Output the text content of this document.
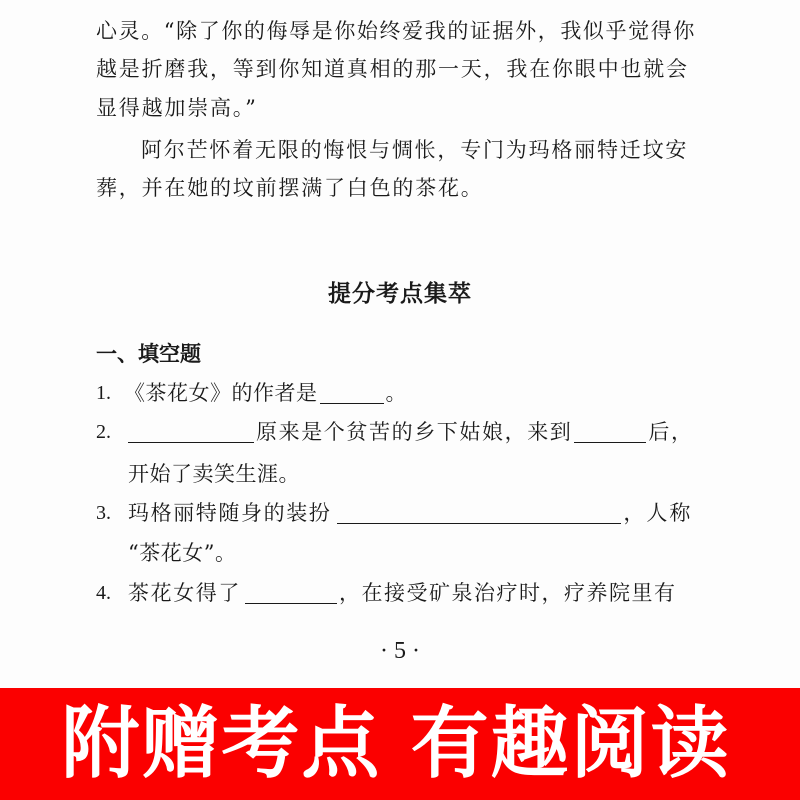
心灵。“除了你的侮辱是你始终爱我的证据外，我似乎觉得你
越是折磨我，等到你知道真相的那一天，我在你眼中也就会
显得越加崇高。”
阿尔芒怀着无限的悔恨与惆怅，专门为玛格丽特迁坟安
葬，并在她的坟前摆满了白色的茶花。
提分考点集萃
一、填空题
1. 《茶花女》的作者是	。
2.	原来是个贫苦的乡下姑娘，来到	后，
开始了卖笑生涯。
3. 玛格丽特随身的装扮	，人称
“茶花女”。
4. 茶花女得了	，在接受矿泉治疗时，疗养院里有
· 5 ·
附赠考点 有趣阅读
